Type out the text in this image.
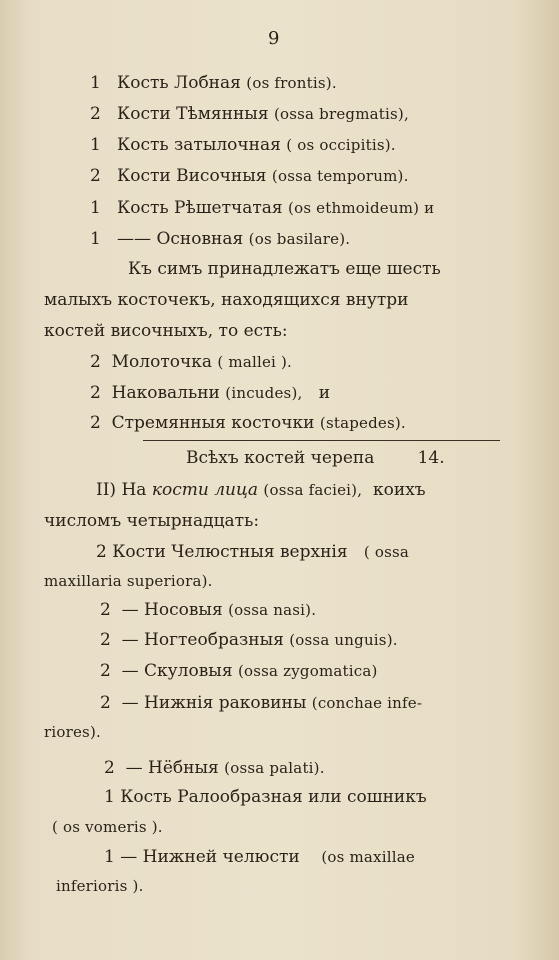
9
1 Кость Лобная (os frontis).
2 Кости Тѣмянныя (ossa bregmatis),
1 Кость затылочная ( os occipitis).
2 Кости Височныя (ossa temporum).
1 Кость Рѣшетчатая (os ethmoideum) и
1 —— Основная (os basilare).
Къ симъ принадлежатъ еще шесть
малыхъ косточекъ, находящихся внутри
костей височныхъ, то есть:
2 Молоточка ( mallei ).
2 Наковальни (incudes), и
2 Стремянныя косточки (stapedes).
Всѣхъ костей черепа	14.
II) На кости лица (ossa faciei), коихъ
числомъ четырнадцать:
2 Кости Челюстныя верхнія ( ossa
maxillaria superiora).
2 — Носовыя (ossa nasi).
2 — Ногтеобразныя (ossa unguis).
2 — Скуловыя (ossa zygomatica)
2 — Нижнія раковины (conchae infe-
riores).
2 — Нёбныя (ossa palati).
1 Кость Ралообразная или сошникъ
( os vomeris ).
1 — Нижней челюсти (os maxillae
inferioris ).
